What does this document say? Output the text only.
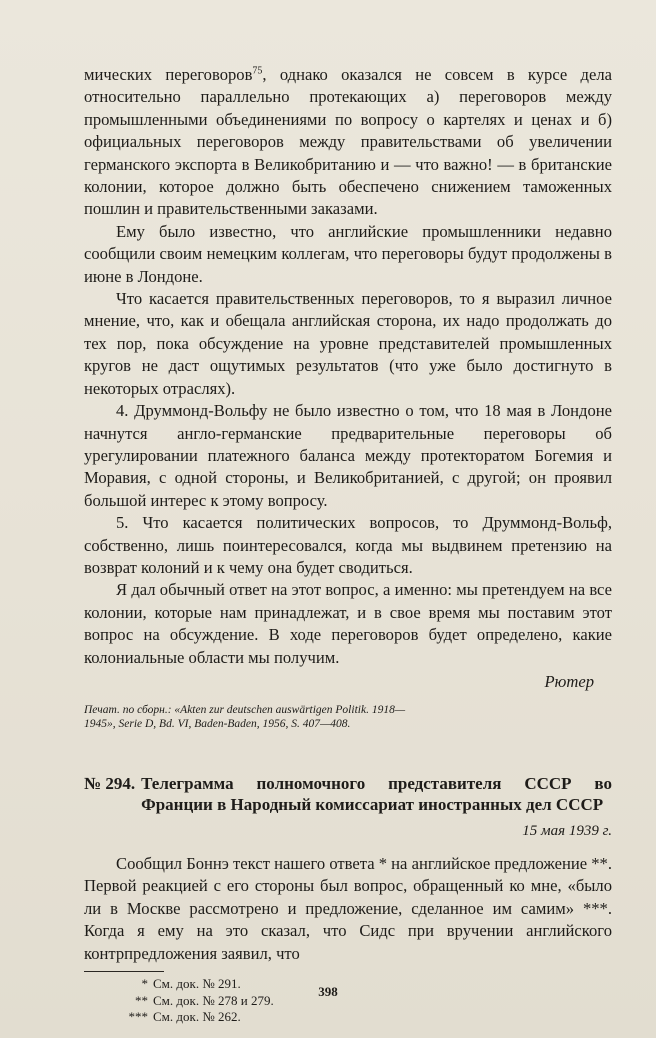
мических переговоров$^{75}$, однако оказался не совсем в курсе дела относительно параллельно протекающих а) переговоров между промышленными объединениями по вопросу о картелях и ценах и б) официальных переговоров между правительствами об увеличении германского экспорта в Великобританию и — что важно! — в британские колонии, которое должно быть обеспечено снижением таможенных пошлин и правительственными заказами.

Ему было известно, что английские промышленники недавно сообщили своим немецким коллегам, что переговоры будут продолжены в июне в Лондоне.

Что касается правительственных переговоров, то я выразил личное мнение, что, как и обещала английская сторона, их надо продолжать до тех пор, пока обсуждение на уровне представителей промышленных кругов не даст ощутимых результатов (что уже было достигнуто в некоторых отраслях).

4. Друммонд-Вольфу не было известно о том, что 18 мая в Лондоне начнутся англо-германские предварительные переговоры об урегулировании платежного баланса между протекторатом Богемия и Моравия, с одной стороны, и Великобританией, с другой; он проявил большой интерес к этому вопросу.

5. Что касается политических вопросов, то Друммонд-Вольф, собственно, лишь поинтересовался, когда мы выдвинем претензию на возврат колоний и к чему она будет сводиться.

Я дал обычный ответ на этот вопрос, а именно: мы претендуем на все колонии, которые нам принадлежат, и в свое время мы поставим этот вопрос на обсуждение. В ходе переговоров будет определено, какие колониальные области мы получим.

Рютер

Печат. по сборн.: «Akten zur deutschen auswärtigen Politik. 1918—1945», Serie D, Bd. VI, Baden-Baden, 1956, S. 407—408.

№ 294. Телеграмма полномочного представителя СССР во Франции в Народный комиссариат иностранных дел СССР
15 мая 1939 г.

Сообщил Боннэ текст нашего ответа * на английское предложение **. Первой реакцией с его стороны был вопрос, обращенный ко мне, «было ли в Москве рассмотрено и предложение, сделанное им самим» ***. Когда я ему на это сказал, что Сидс при вручении английского контрпредложения заявил, что

* См. док. № 291.
** См. док. № 278 и 279.
*** См. док. № 262.
398
